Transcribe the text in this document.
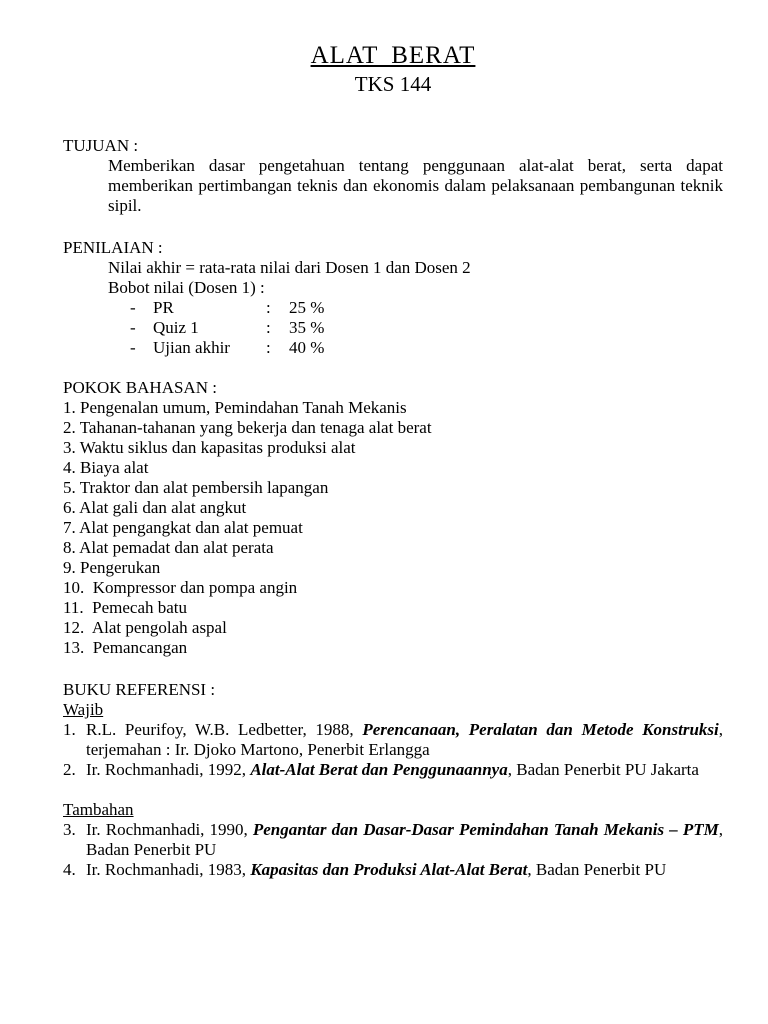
ALAT BERAT
TKS 144
TUJUAN :
Memberikan dasar pengetahuan tentang penggunaan alat-alat berat, serta dapat memberikan pertimbangan teknis dan ekonomis dalam pelaksanaan pembangunan teknik sipil.
PENILAIAN :
Nilai akhir = rata-rata nilai dari Dosen 1 dan Dosen 2
Bobot nilai (Dosen 1) :
- PR	: 25 %
- Quiz 1	: 35 %
- Ujian akhir : 40 %
POKOK BAHASAN :
1. Pengenalan umum, Pemindahan Tanah Mekanis
2. Tahanan-tahanan yang bekerja dan tenaga alat berat
3. Waktu siklus dan kapasitas produksi alat
4. Biaya alat
5. Traktor dan alat pembersih lapangan
6. Alat gali dan alat angkut
7. Alat pengangkat dan alat pemuat
8. Alat pemadat dan alat perata
9. Pengerukan
10. Kompressor dan pompa angin
11. Pemecah batu
12. Alat pengolah aspal
13. Pemancangan
BUKU REFERENSI :
Wajib
1. R.L. Peurifoy, W.B. Ledbetter, 1988, Perencanaan, Peralatan dan Metode Konstruksi, terjemahan : Ir. Djoko Martono, Penerbit Erlangga
2. Ir. Rochmanhadi, 1992, Alat-Alat Berat dan Penggunaannya, Badan Penerbit PU Jakarta
Tambahan
3. Ir. Rochmanhadi, 1990, Pengantar dan Dasar-Dasar Pemindahan Tanah Mekanis – PTM, Badan Penerbit PU
4. Ir. Rochmanhadi, 1983, Kapasitas dan Produksi Alat-Alat Berat, Badan Penerbit PU
